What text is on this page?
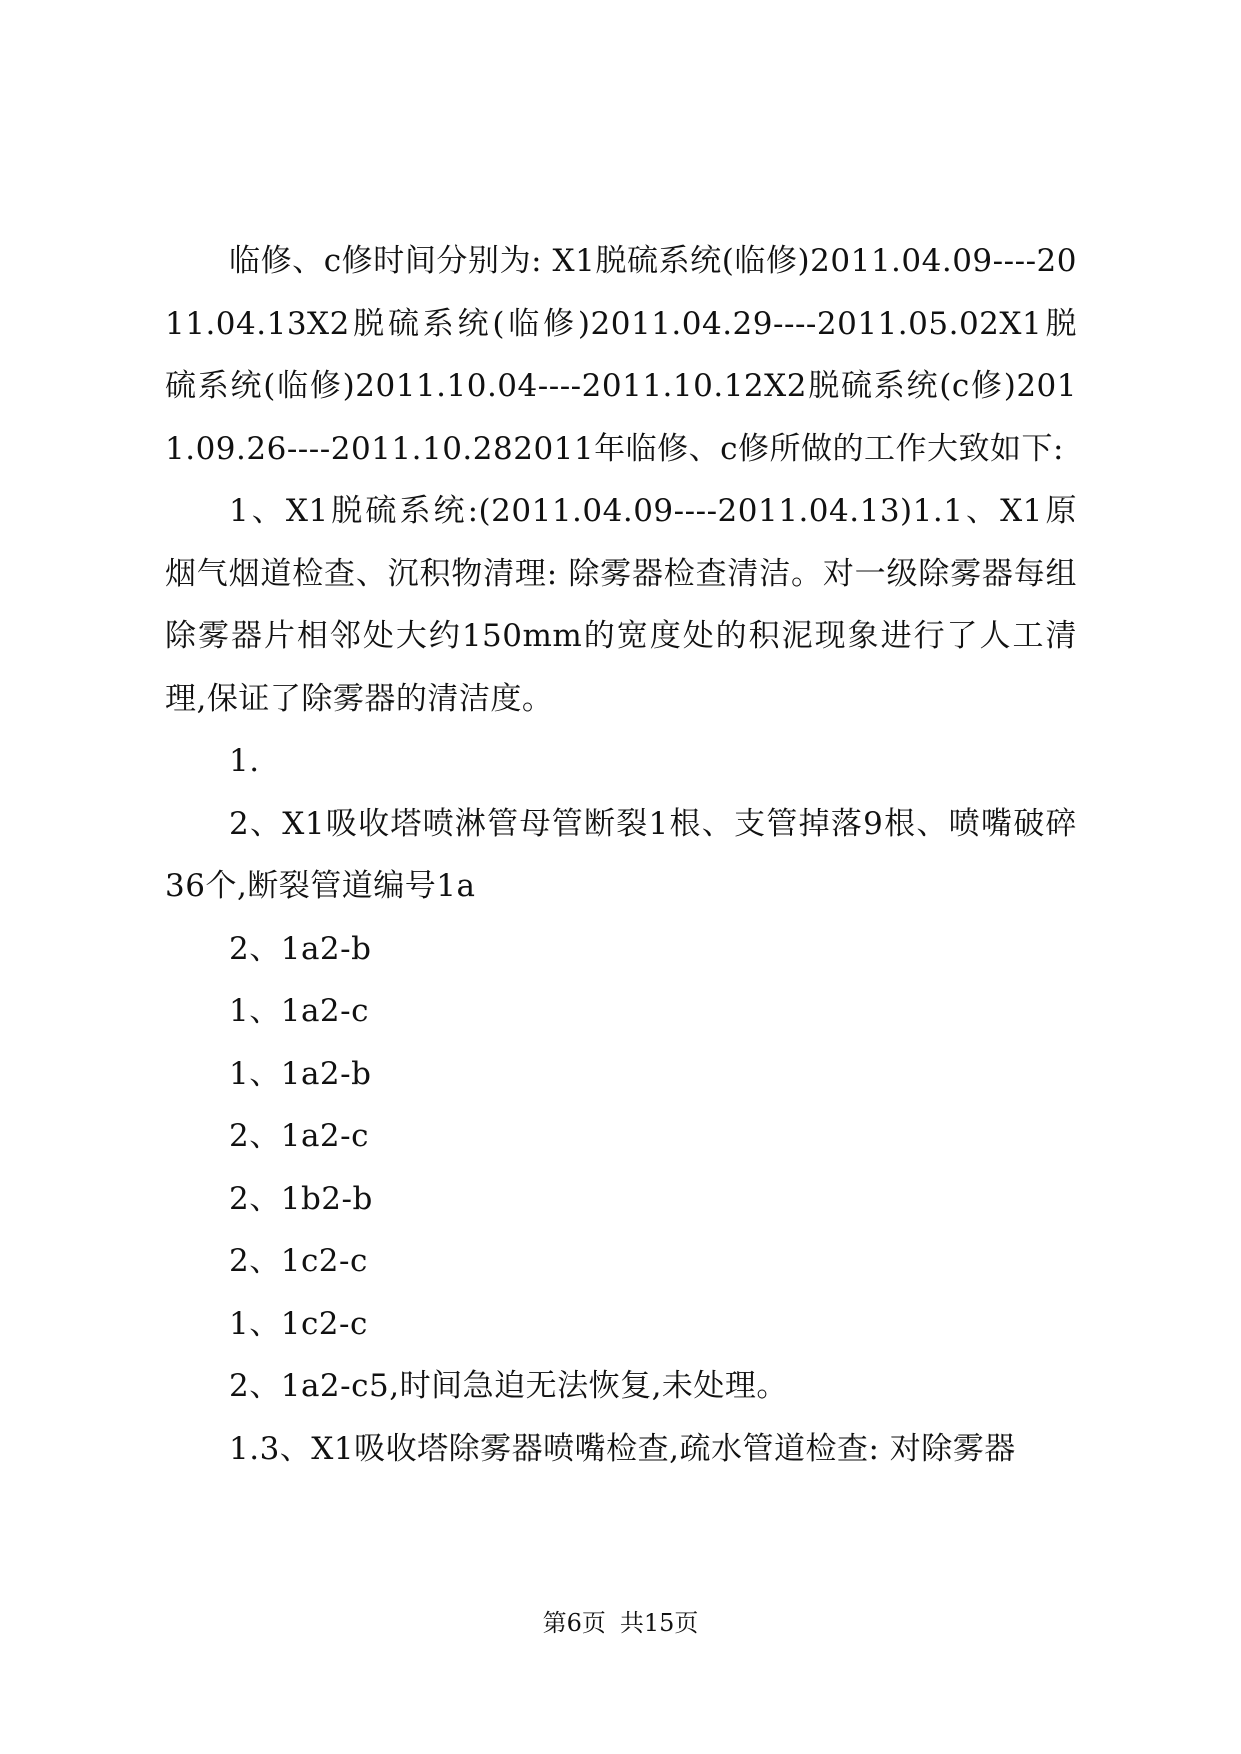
临修、c修时间分别为: X1脱硫系统(临修)2011.04.09----2011.04.13X2脱硫系统(临修)2011.04.29----2011.05.02X1脱硫系统(临修)2011.10.04----2011.10.12X2脱硫系统(c修)2011.09.26----2011.10.282011年临修、c修所做的工作大致如下:

1、X1脱硫系统:(2011.04.09----2011.04.13)1.1、X1原烟气烟道检查、沉积物清理: 除雾器检查清洁。对一级除雾器每组除雾器片相邻处大约150mm的宽度处的积泥现象进行了人工清理,保证了除雾器的清洁度。

1.

2、X1吸收塔喷淋管母管断裂1根、支管掉落9根、喷嘴破碎36个,断裂管道编号1a

2、1a2-b

1、1a2-c

1、1a2-b

2、1a2-c

2、1b2-b

2、1c2-c

1、1c2-c

2、1a2-c5,时间急迫无法恢复,未处理。

1.3、X1吸收塔除雾器喷嘴检查,疏水管道检查: 对除雾器

第6页 共15页
